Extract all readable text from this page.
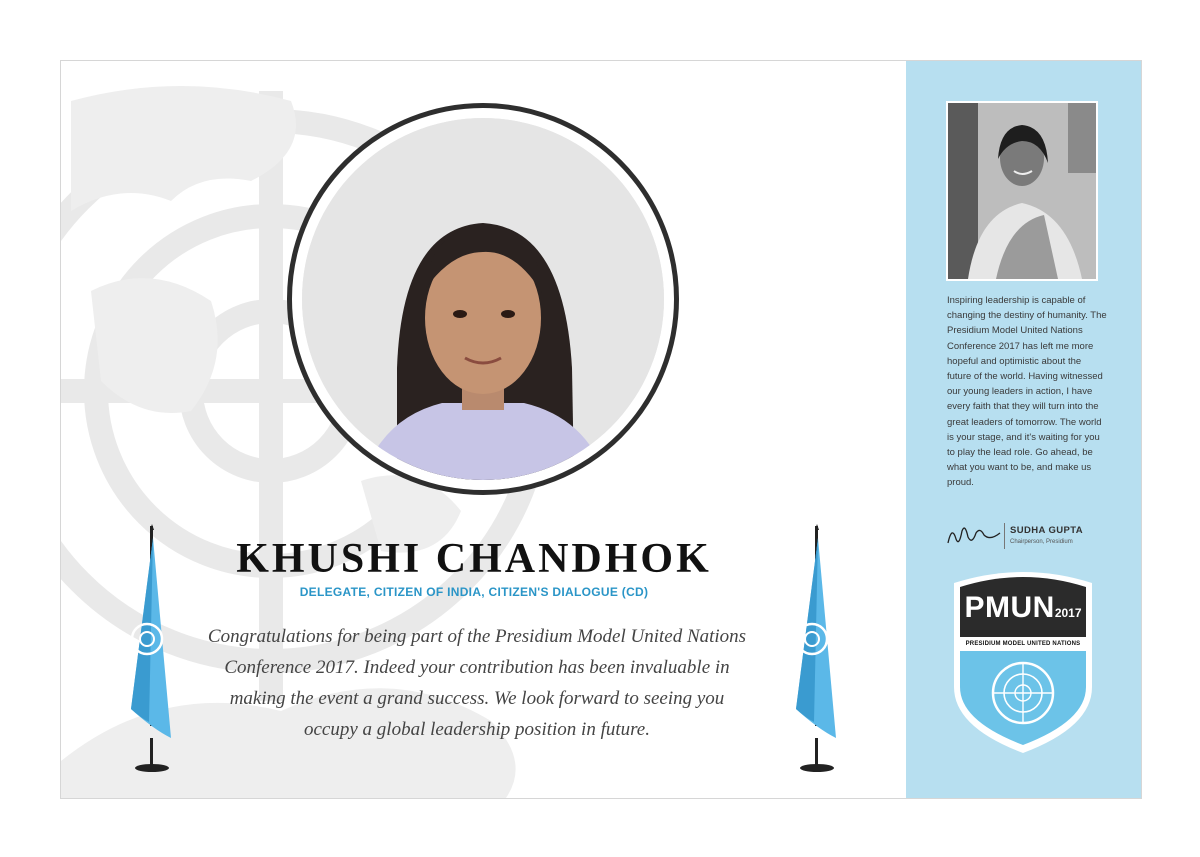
KHUSHI CHANDHOK
DELEGATE, CITIZEN OF INDIA, CITIZEN'S DIALOGUE (CD)

Congratulations for being part of the Presidium Model United Nations Conference 2017. Indeed your contribution has been invaluable in making the event a grand success. We look forward to seeing you occupy a global leadership position in future.

Inspiring leadership is capable of changing the destiny of humanity. The Presidium Model United Nations Conference 2017 has left me more hopeful and optimistic about the future of the world. Having witnessed our young leaders in action, I have every faith that they will turn into the great leaders of tomorrow. The world is your stage, and it's waiting for you to play the lead role. Go ahead, be what you want to be, and make us proud.

SUDHA GUPTA
Chairperson, Presidium
PMUN2017
PRESIDIUM MODEL UNITED NATIONS
